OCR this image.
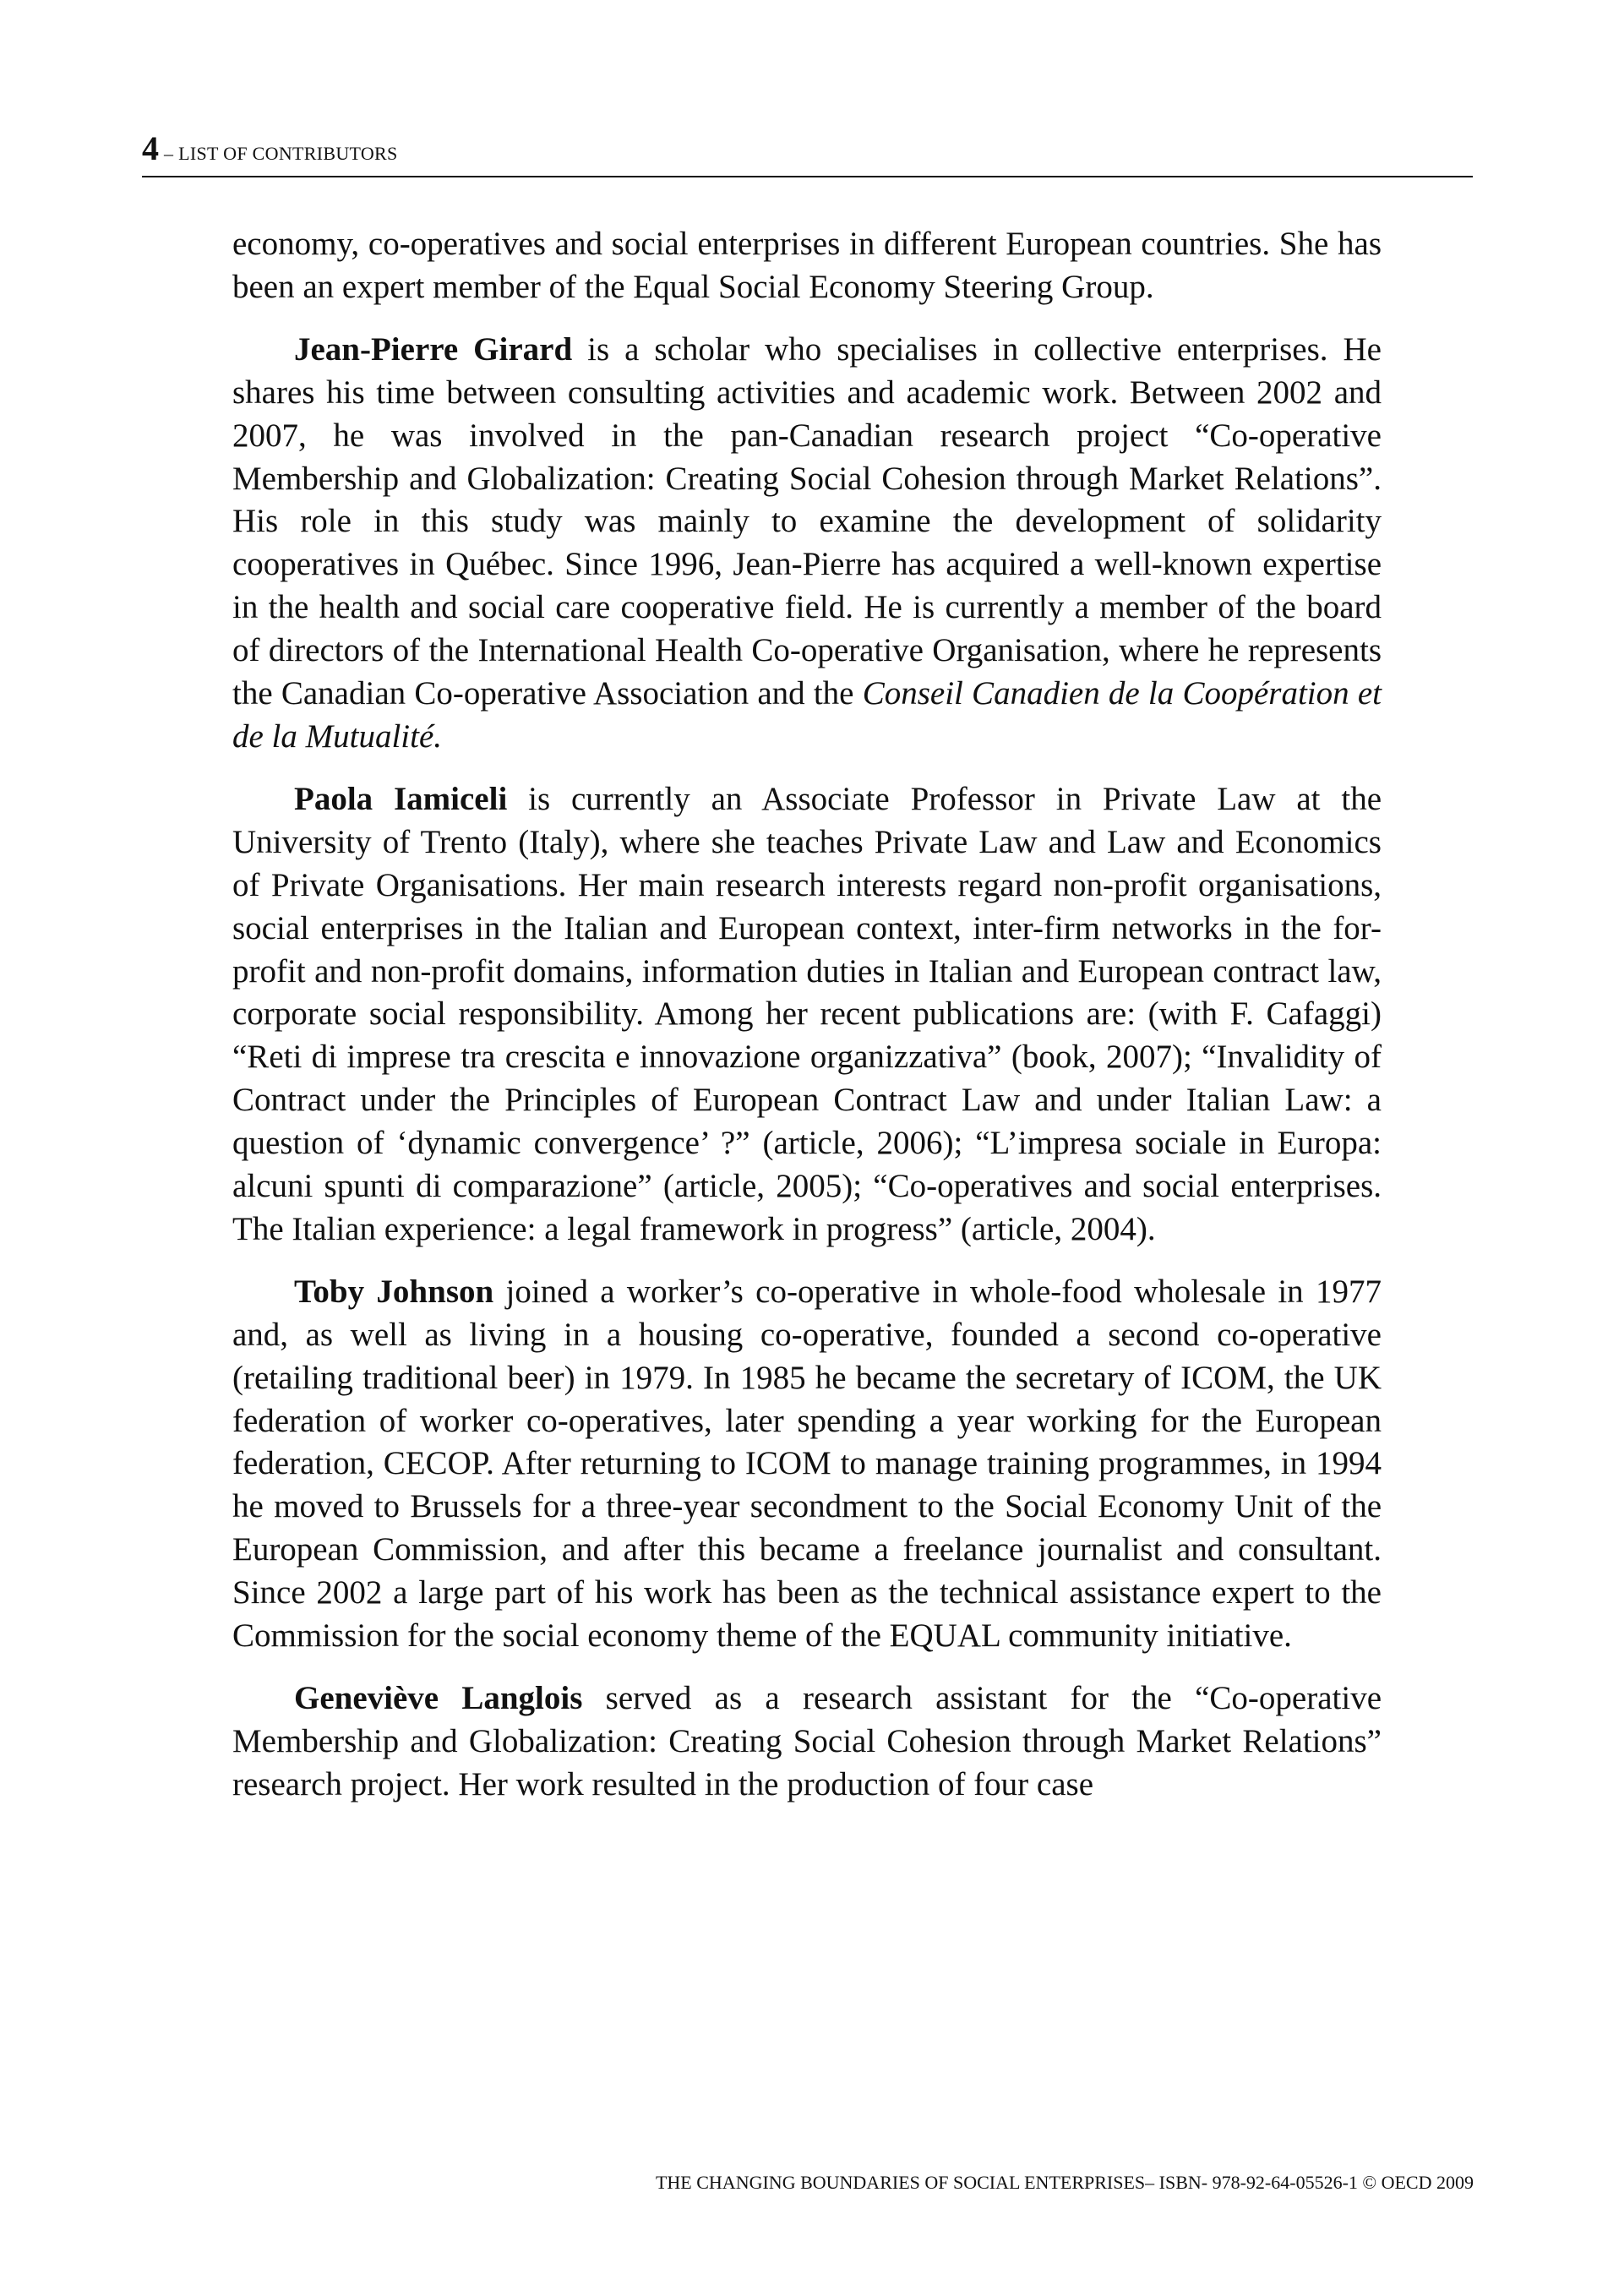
4 – LIST OF CONTRIBUTORS

economy, co-operatives and social enterprises in different European countries. She has been an expert member of the Equal Social Economy Steering Group.

Jean-Pierre Girard is a scholar who specialises in collective enterprises. He shares his time between consulting activities and academic work. Between 2002 and 2007, he was involved in the pan-Canadian research project “Co-operative Membership and Globalization: Creating Social Cohesion through Market Relations”. His role in this study was mainly to examine the development of solidarity cooperatives in Québec. Since 1996, Jean-Pierre has acquired a well-known expertise in the health and social care cooperative field. He is currently a member of the board of directors of the International Health Co-operative Organisation, where he represents the Canadian Co-operative Association and the Conseil Canadien de la Coopération et de la Mutualité.

Paola Iamiceli is currently an Associate Professor in Private Law at the University of Trento (Italy), where she teaches Private Law and Law and Economics of Private Organisations. Her main research interests regard non-profit organisations, social enterprises in the Italian and European context, inter-firm networks in the for-profit and non-profit domains, information duties in Italian and European contract law, corporate social responsibility. Among her recent publications are: (with F. Cafaggi) “Reti di imprese tra crescita e innovazione organizzativa” (book, 2007); “Invalidity of Contract under the Principles of European Contract Law and under Italian Law: a question of ‘dynamic convergence’ ?” (article, 2006); “L’impresa sociale in Europa: alcuni spunti di comparazione” (article, 2005); “Co-operatives and social enterprises. The Italian experience: a legal framework in progress” (article, 2004).

Toby Johnson joined a worker’s co-operative in whole-food wholesale in 1977 and, as well as living in a housing co-operative, founded a second co-operative (retailing traditional beer) in 1979. In 1985 he became the secretary of ICOM, the UK federation of worker co-operatives, later spending a year working for the European federation, CECOP. After returning to ICOM to manage training programmes, in 1994 he moved to Brussels for a three-year secondment to the Social Economy Unit of the European Commission, and after this became a freelance journalist and consultant. Since 2002 a large part of his work has been as the technical assistance expert to the Commission for the social economy theme of the EQUAL community initiative.

Geneviève Langlois served as a research assistant for the “Co-operative Membership and Globalization: Creating Social Cohesion through Market Relations” research project. Her work resulted in the production of four case

THE CHANGING BOUNDARIES OF SOCIAL ENTERPRISES– ISBN- 978-92-64-05526-1 © OECD 2009
